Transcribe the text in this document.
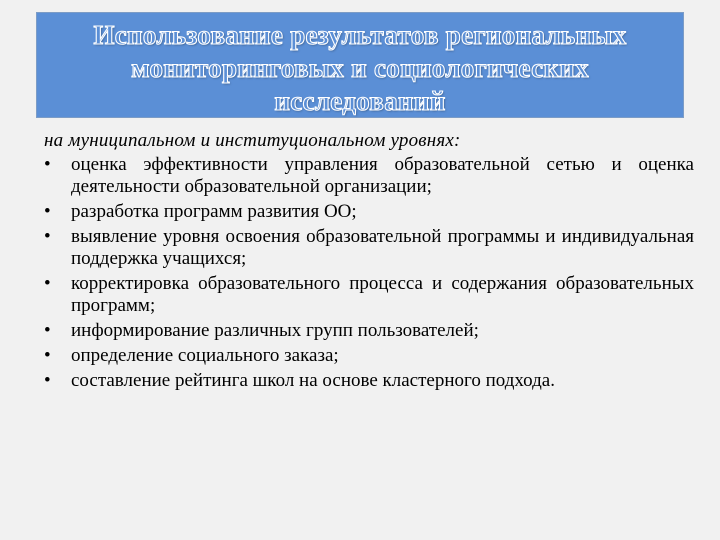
Использование результатов региональных мониторинговых и социологических исследований

на муниципальном и институциональном уровнях:

•	оценка эффективности управления образовательной сетью и оценка деятельности образовательной организации;
•	разработка программ развития ОО;
•	выявление уровня освоения образовательной программы и индивидуальная поддержка учащихся;
•	корректировка образовательного процесса и содержания образовательных программ;
•	информирование различных групп пользователей;
•	определение социального заказа;
•	составление рейтинга школ на основе кластерного подхода.
